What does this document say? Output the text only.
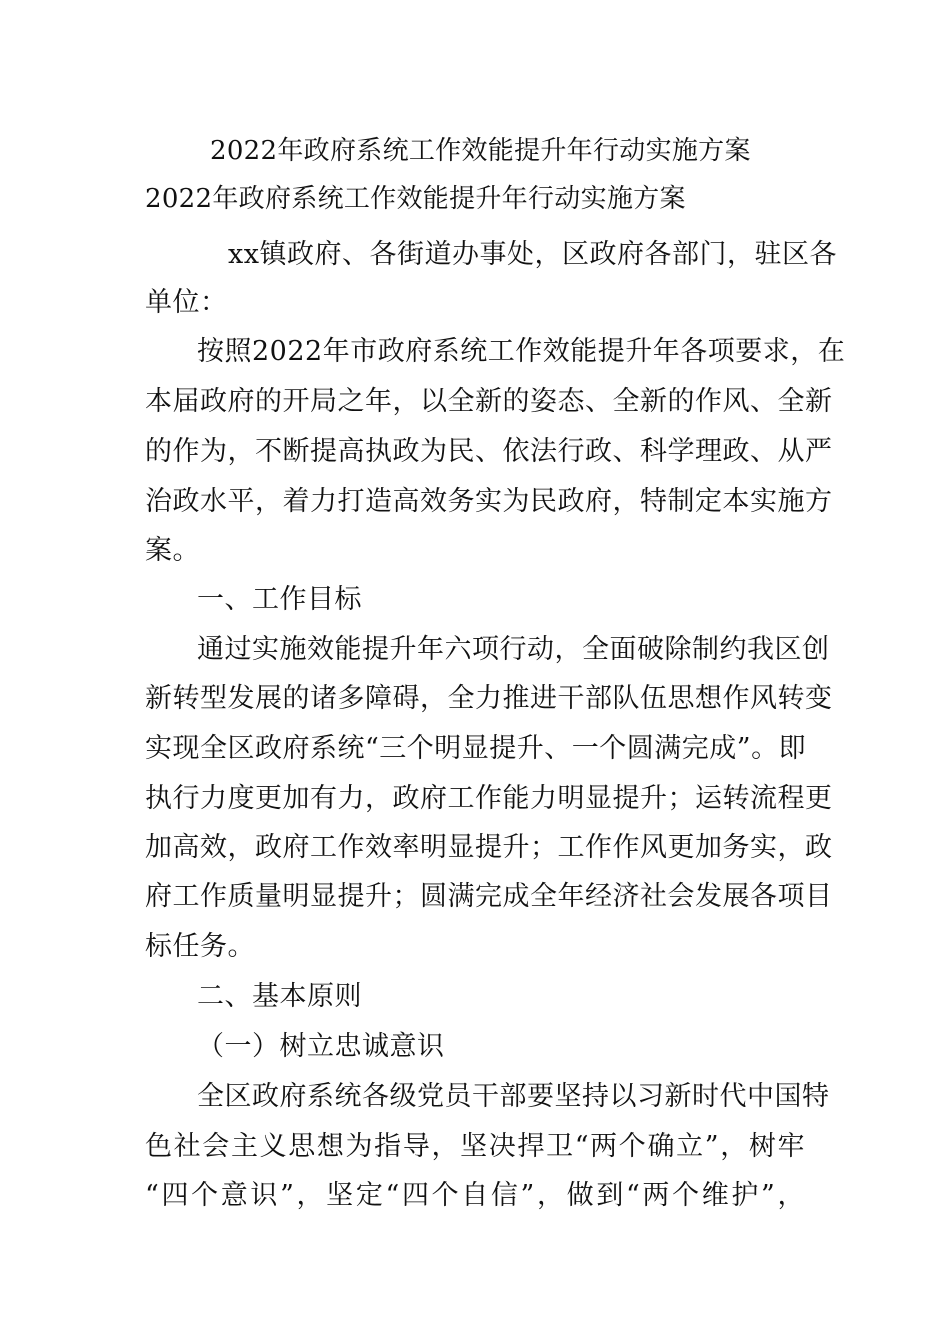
2022年政府系统工作效能提升年行动实施方案
2022年政府系统工作效能提升年行动实施方案
xx镇政府、各街道办事处，区政府各部门，驻区各
单位：
按照2022年市政府系统工作效能提升年各项要求，在
本届政府的开局之年，以全新的姿态、全新的作风、全新
的作为，不断提高执政为民、依法行政、科学理政、从严
治政水平，着力打造高效务实为民政府，特制定本实施方
案。
一、工作目标
通过实施效能提升年六项行动，全面破除制约我区创
新转型发展的诸多障碍，全力推进干部队伍思想作风转变
实现全区政府系统“三个明显提升、一个圆满完成”。即
执行力度更加有力，政府工作能力明显提升；运转流程更
加高效，政府工作效率明显提升；工作作风更加务实，政
府工作质量明显提升；圆满完成全年经济社会发展各项目
标任务。
二、基本原则
（一）树立忠诚意识
全区政府系统各级党员干部要坚持以习新时代中国特
色社会主义思想为指导，坚决捍卫“两个确立”，树牢
“四个意识”，坚定“四个自信”，做到“两个维护”，
